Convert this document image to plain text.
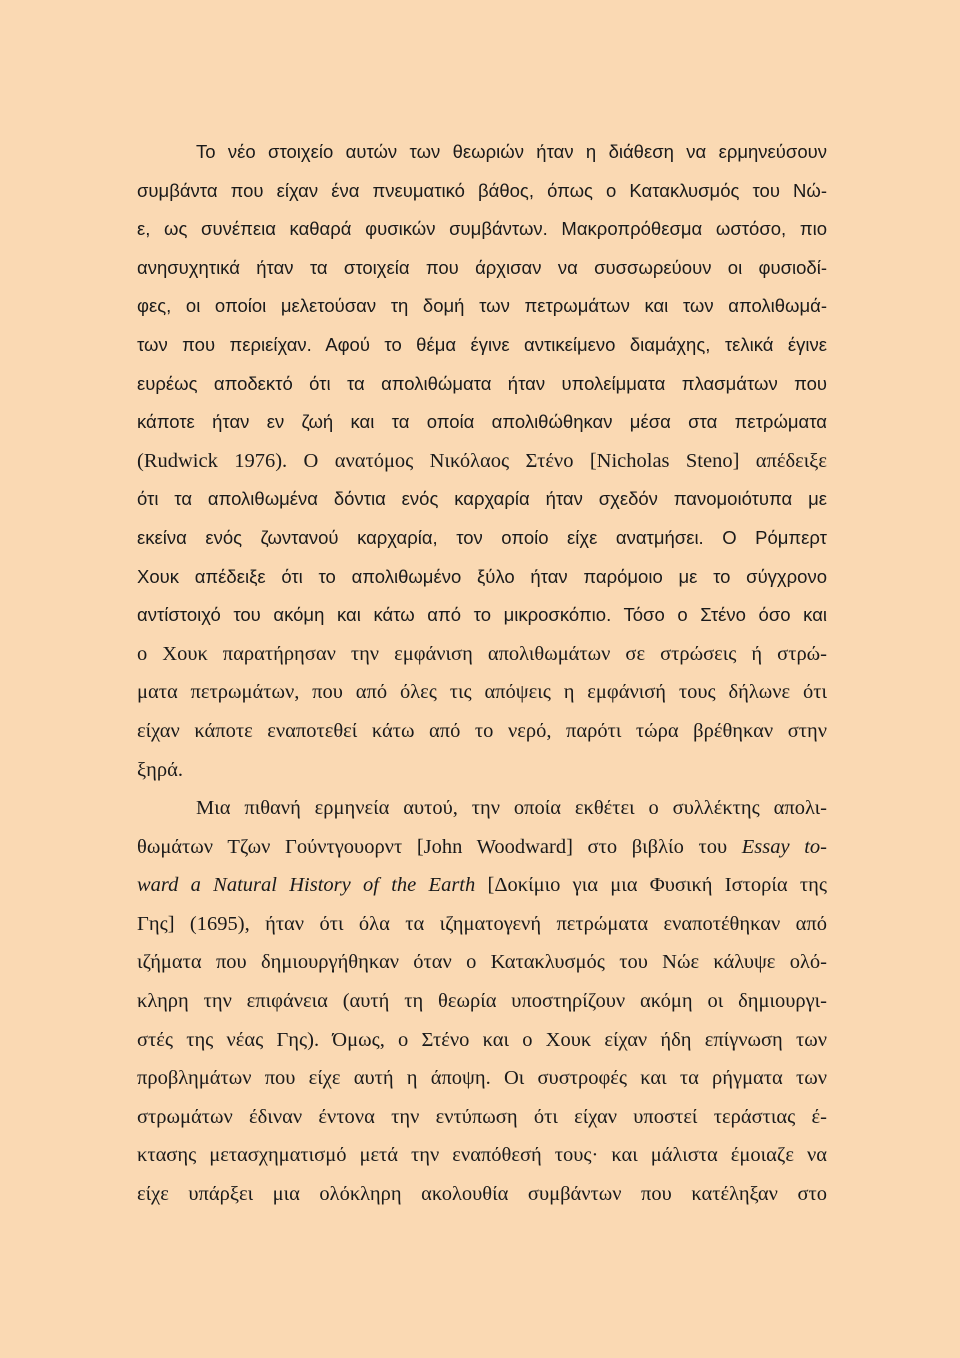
Το νέο στοιχείο αυτών των θεωριών ήταν η διάθεση να ερμηνεύσουν
συμβάντα που είχαν ένα πνευματικό βάθος, όπως ο Κατακλυσμός του Νώ-
ε, ως συνέπεια καθαρά φυσικών συμβάντων. Μακροπρόθεσμα ωστόσο, πιο
ανησυχητικά ήταν τα στοιχεία που άρχισαν να συσσωρεύουν οι φυσιοδί-
φες, οι οποίοι μελετούσαν τη δομή των πετρωμάτων και των απολιθωμά-
των που περιείχαν. Αφού το θέμα έγινε αντικείμενο διαμάχης, τελικά έγινε
ευρέως αποδεκτό ότι τα απολιθώματα ήταν υπολείμματα πλασμάτων που
κάποτε ήταν εν ζωή και τα οποία απολιθώθηκαν μέσα στα πετρώματα
(Rudwick 1976). Ο ανατόμος Νικόλαος Στένο [Nicholas Steno] απέδειξε
ότι τα απολιθωμένα δόντια ενός καρχαρία ήταν σχεδόν πανομοιότυπα με
εκείνα ενός ζωντανού καρχαρία, τον οποίο είχε ανατμήσει. Ο Ρόμπερτ
Χουκ απέδειξε ότι το απολιθωμένο ξύλο ήταν παρόμοιο με το σύγχρονο
αντίστοιχό του ακόμη και κάτω από το μικροσκόπιο. Τόσο ο Στένο όσο και
ο Χουκ παρατήρησαν την εμφάνιση απολιθωμάτων σε στρώσεις ή στρώ-
ματα πετρωμάτων, που από όλες τις απόψεις η εμφάνισή τους δήλωνε ότι
είχαν κάποτε εναποτεθεί κάτω από το νερό, παρότι τώρα βρέθηκαν στην
ξηρά.
Μια πιθανή ερμηνεία αυτού, την οποία εκθέτει ο συλλέκτης απολι-
θωμάτων Τζων Γούντγουορντ [John Woodward] στο βιβλίο του Essay to-
ward a Natural History of the Earth [Δοκίμιο για μια Φυσική Ιστορία της
Γης] (1695), ήταν ότι όλα τα ιζηματογενή πετρώματα εναποτέθηκαν από
ιζήματα που δημιουργήθηκαν όταν ο Κατακλυσμός του Νώε κάλυψε ολό-
κληρη την επιφάνεια (αυτή τη θεωρία υποστηρίζουν ακόμη οι δημιουργι-
στές της νέας Γης). Όμως, ο Στένο και ο Χουκ είχαν ήδη επίγνωση των
προβλημάτων που είχε αυτή η άποψη. Οι συστροφές και τα ρήγματα των
στρωμάτων έδιναν έντονα την εντύπωση ότι είχαν υποστεί τεράστιας έ-
κτασης μετασχηματισμό μετά την εναπόθεσή τους· και μάλιστα έμοιαζε να
είχε υπάρξει μια ολόκληρη ακολουθία συμβάντων που κατέληξαν στο
